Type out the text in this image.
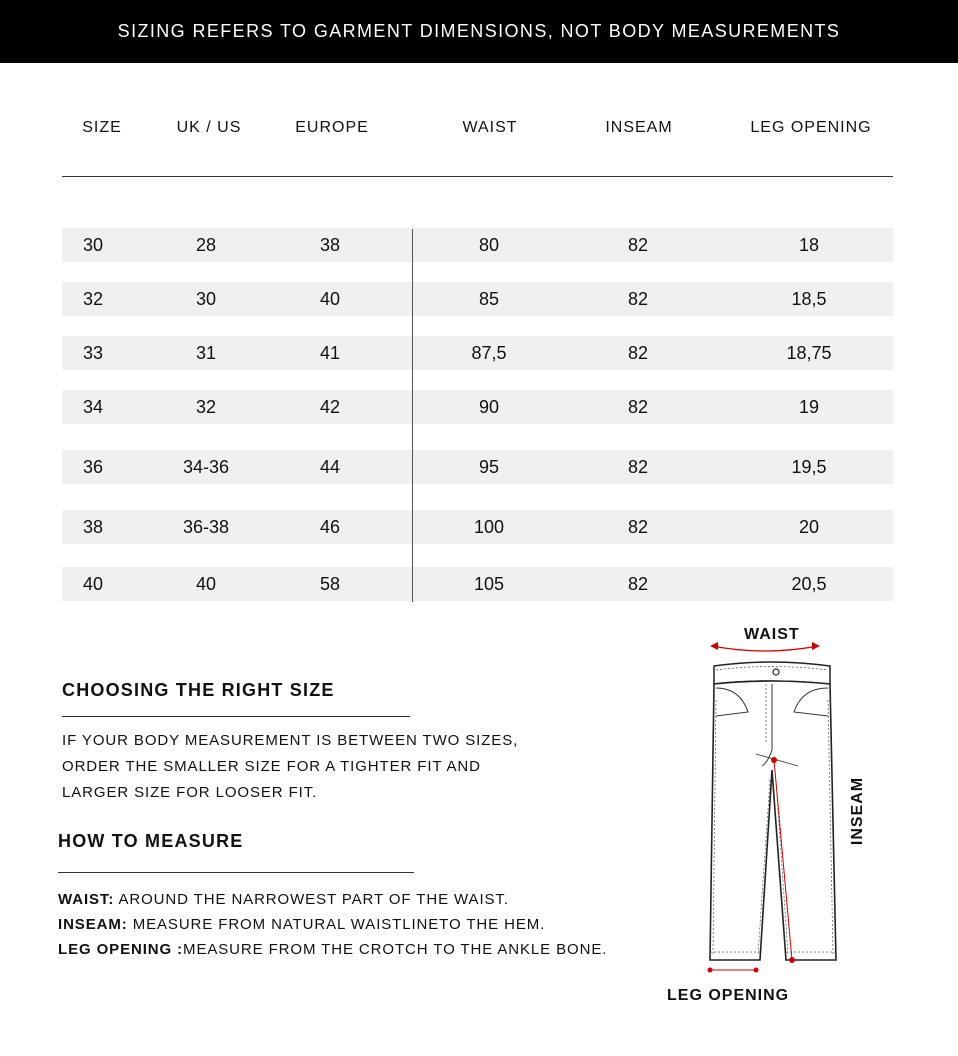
SIZING REFERS TO GARMENT DIMENSIONS, NOT BODY MEASUREMENTS
SIZE	UK / US	EUROPE	WAIST	INSEAM	LEG OPENING
30	28	38	80	82	18
32	30	40	85	82	18,5
33	31	41	87,5	82	18,75
34	32	42	90	82	19
36	34-36	44	95	82	19,5
38	36-38	46	100	82	20
40	40	58	105	82	20,5
CHOOSING THE RIGHT SIZE
IF YOUR BODY MEASUREMENT IS BETWEEN TWO SIZES,
ORDER THE SMALLER SIZE FOR A TIGHTER FIT AND
LARGER SIZE FOR LOOSER FIT.
HOW TO MEASURE
WAIST: AROUND THE NARROWEST PART OF THE WAIST.
INSEAM: MEASURE FROM NATURAL WAISTLINETO THE HEM.
LEG OPENING :MEASURE FROM THE CROTCH TO THE ANKLE BONE.
WAIST
INSEAM
LEG OPENING
